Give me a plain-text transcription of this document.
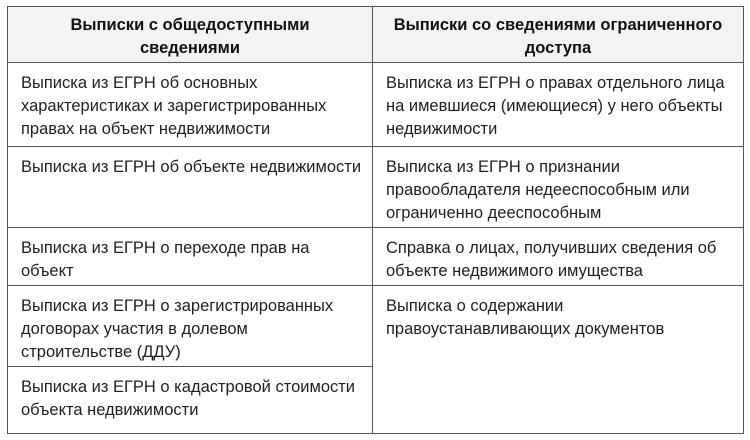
Выписки с общедоступными сведениями	Выписки со сведениями ограниченного доступа

Выписка из ЕГРН об основных характеристиках и зарегистрированных правах на объект недвижимости	Выписка из ЕГРН о правах отдельного лица на имевшиеся (имеющиеся) у него объекты недвижимости

Выписка из ЕГРН об объекте недвижимости	Выписка из ЕГРН о признании правообладателя недееспособным или ограниченно дееспособным

Выписка из ЕГРН о переходе прав на объект	Справка о лицах, получивших сведения об объекте недвижимого имущества

Выписка из ЕГРН о зарегистрированных договорах участия в долевом строительстве (ДДУ)	Выписка о содержании правоустанавливающих документов

Выписка из ЕГРН о кадастровой стоимости объекта недвижимости	
